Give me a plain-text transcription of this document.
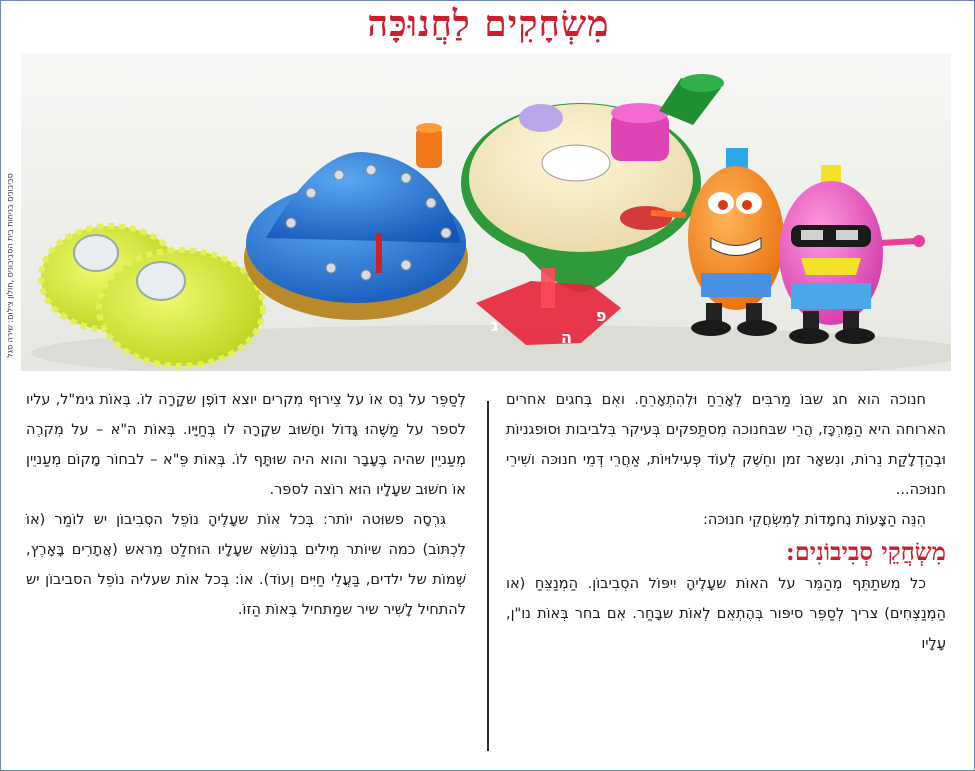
מִשְׂחָקִים לַחֲנוּכָּה
ג
ה
פ
סביבונים בניחות בית הסביבונים ,חולון צילום: שירה סגל

חנוכה הוא חג שבּוֹ מַרבִּים לְאָרֵחַ וּלְהִתְאָרֵחַ. ואִם בְּחגים אחרים הארוחה היא הַמֶּרְכָּז, הֲרֵי שבּחנוכה מִסתַּפקים בְּעיקר בִּלביבות וּסוּפגניוֹת וּבְהַדְלָקַת נֵרוֹת, ונִשאָר זמן וחֵשֶׁק לְעוֹד פְּעִילוּיוֹת, אַחֲרֵי דְּמֵי חנוּכּה ושִׁירֵי חנוּכּה...

הִנֵּה הַצָּעוֹת נֶחמָדוֹת לְמִשְׂחֲקֵי חנוּכּה:

מִשְׂחֲקֵי סְבִיבוֹנִים:

כל מִשתַתֵּף מְהַמֵּר על האוֹת שעָלֶיהָ יִיפּוֹל הסְבִיבוֹן. הַמְנַצֵּחַ (או הַמְנַצְּחִים) צריך לְסַפֵּר סיפּור בְּהֶתְאֵם לְאוֹת שבָּחַר. אִם בחר בְּאוֹת נו"ן, עָלָיו

לְסַפֵּר על נֵס אוֹ על צֵירוּף מִקרים יוצא דוֹפֶן שקָרָה לוֹ. בְּאוֹת גימ"ל, עליו לספר על מַשֶּׁהוּ גָּדוֹל וחָשׁוּב שקָרָה לו בְּחַיָּיו. בְּאוֹת ה"א – על מִקרֶה מְעַניֵין שהיה בֶּעָבָר והוא היה שוּתָּף לוֹ. בְּאוֹת פֵּ"א – לבחוֹר מָקוֹם מְעַניֵין אוֹ חשׁוּב שעָלָיו הוּא רוֹצה לספּר.

גִּרְסָה פשוּטה יוֹתר: בְּכל אוֹת שעָלֶיהָ נוֹפֵל הסְבִיבוֹן יש לוֹמַר (אוֹ לִכְתּוֹב) כמה שיוֹתר מִילים בְּנוֹשֵׂא שעָלָיו הוּחלַט מֵראש (אֲתָרִים בָּאָרֶץ, שְׁמוֹת של ילדים, בַּעֲלֵי חַיִּים וְעוֹד). אוֹ: בְּכל אוֹת שעליה נוֹפֵל הסביבוֹן יש להתחיל לָשִׁיר שיר שמַתחיל בְּאוֹת הַזוֹ.
